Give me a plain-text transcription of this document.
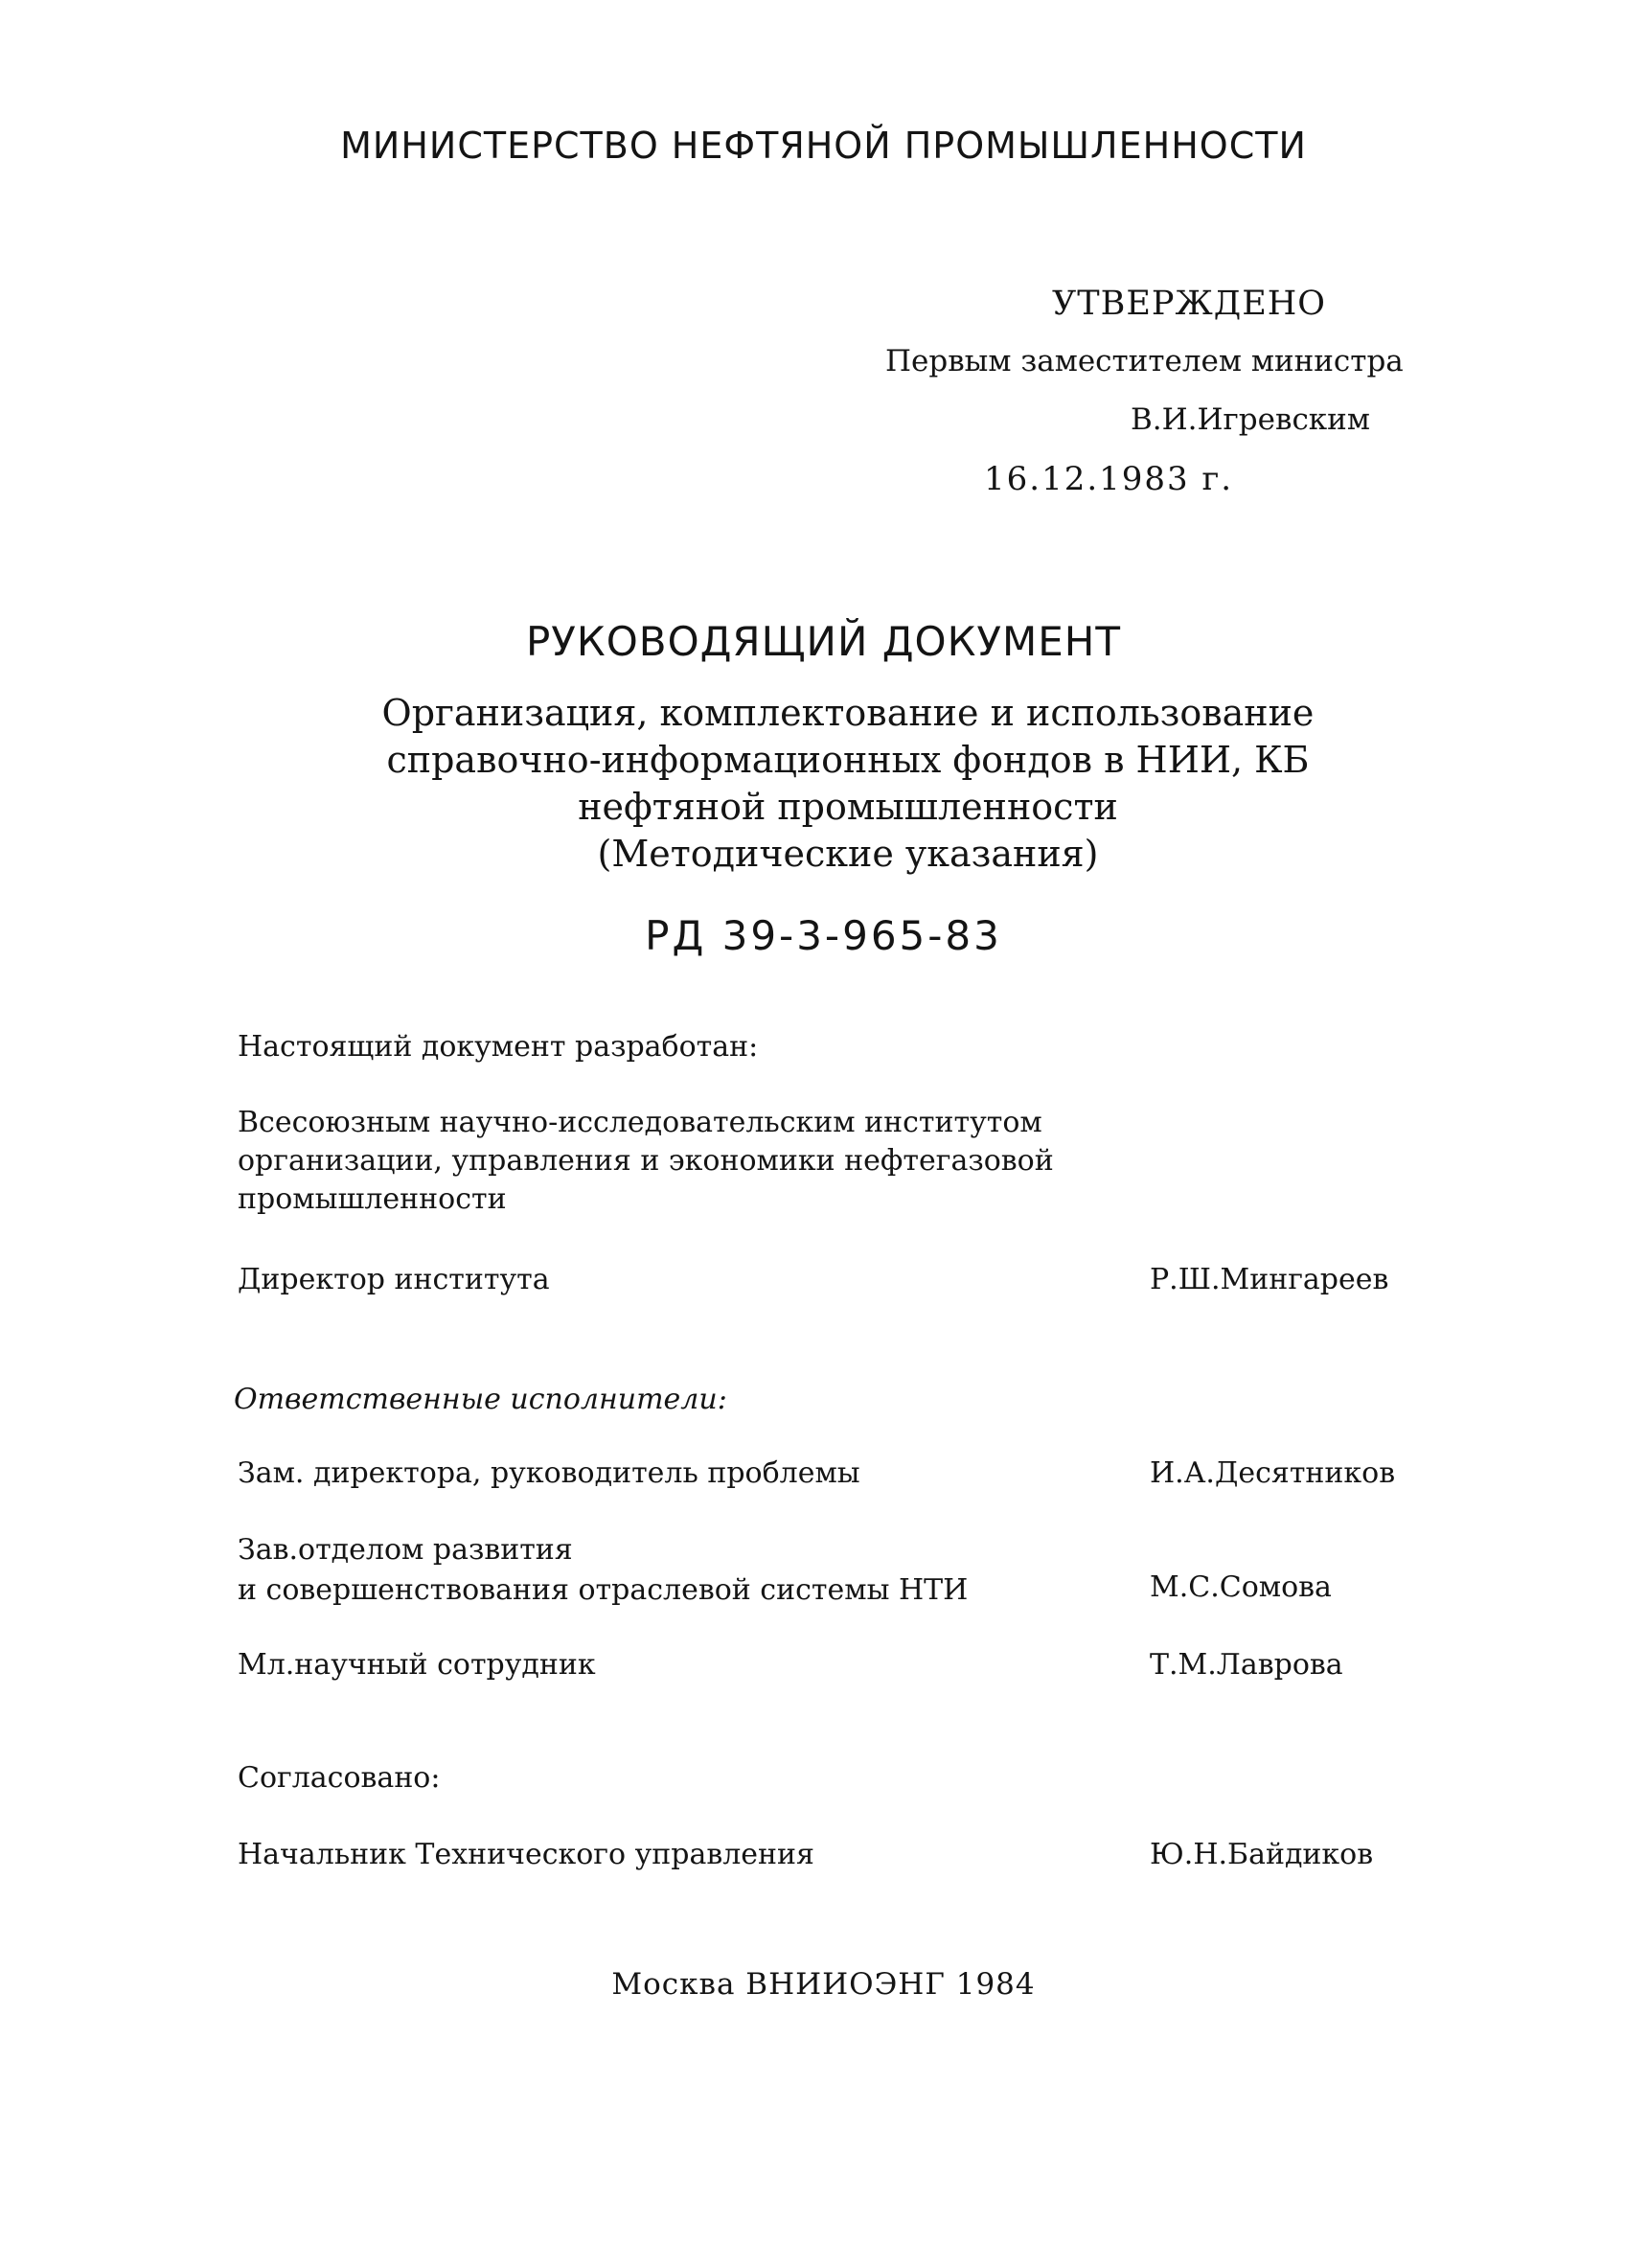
МИНИСТЕРСТВО НЕФТЯНОЙ ПРОМЫШЛЕННОСТИ
УТВЕРЖДЕНО
Первым заместителем министра
В.И.Игревским
16.12.1983 г.
РУКОВОДЯЩИЙ ДОКУМЕНТ
Организация, комплектование и использование
справочно-информационных фондов в НИИ, КБ
нефтяной промышленности
(Методические указания)
РД 39-3-965-83
Настоящий документ разработан:
Всесоюзным научно-исследовательским институтом
организации, управления и экономики нефтегазовой
промышленности
Директор института	Р.Ш.Мингареев
Ответственные исполнители:
Зам. директора, руководитель проблемы	И.А.Десятников
Зав.отделом развития
и совершенствования отраслевой системы НТИ	М.С.Сомова
Мл.научный сотрудник	Т.М.Лаврова
Согласовано:
Начальник Технического управления	Ю.Н.Байдиков
Москва ВНИИОЭНГ 1984
